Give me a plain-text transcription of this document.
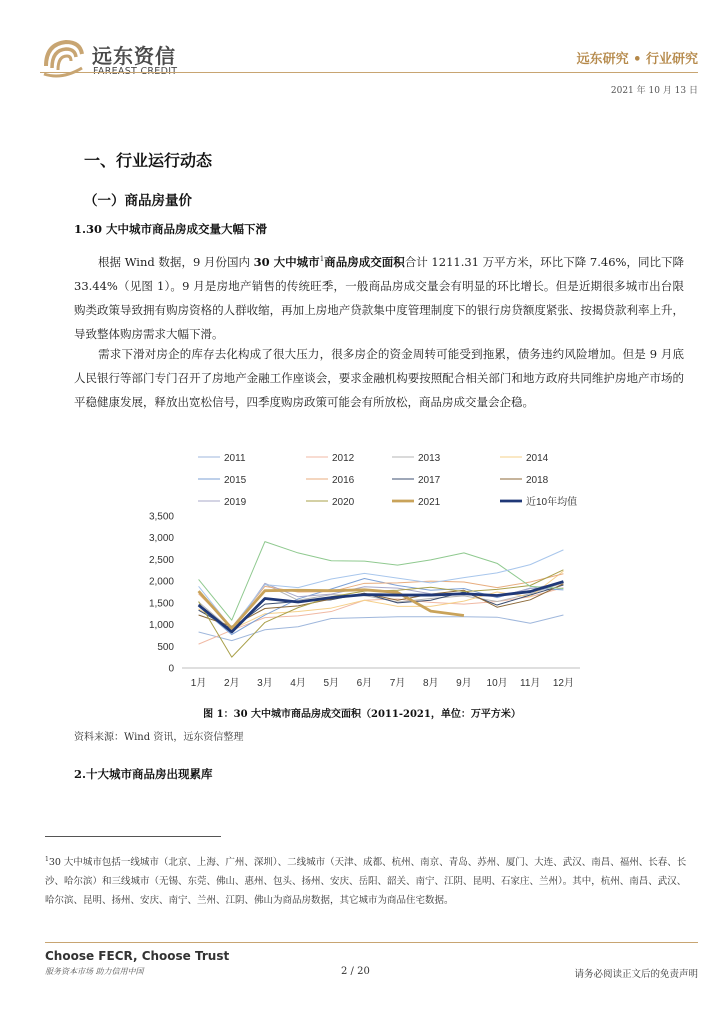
远东资信	远东研究 • 行业研究
2021 年 10 月 13 日
一、行业运行动态
（一）商品房量价
1.30 大中城市商品房成交量大幅下滑
根据 Wind 数据，9 月份国内 30 大中城市$^1$商品房成交面积合计 1211.31 万平方米，环比下降 7.46%，同比下降 33.44%（见图 1）。9 月是房地产销售的传统旺季，一般商品房成交量会有明显的环比增长。但是近期很多城市出台限购类政策导致拥有购房资格的人群收缩，再加上房地产贷款集中度管理制度下的银行房贷额度紧张、按揭贷款利率上升，导致整体购房需求大幅下滑。
需求下滑对房企的库存去化构成了很大压力，很多房企的资金周转可能受到拖累，债务违约风险增加。但是 9 月底人民银行等部门专门召开了房地产金融工作座谈会，要求金融机构要按照配合相关部门和地方政府共同维护房地产市场的平稳健康发展，释放出宽松信号，四季度购房政策可能会有所放松，商品房成交量会企稳。
0
500
1,000
1,500
2,000
2,500
3,000
3,500
1月 2月 3月 4月 5月 6月 7月 8月 9月 10月 11月 12月
2011	2012	2013	2014
2015	2016	2017	2018
2019	2020	2021	近10年均值
图 1：30 大中城市商品房成交面积（2011-2021，单位：万平方米）
资料来源：Wind 资讯，远东资信整理
2.十大城市商品房出现累库
$^1$30 大中城市包括一线城市（北京、上海、广州、深圳）、二线城市（天津、成都、杭州、南京、青岛、苏州、厦门、大连、武汉、南昌、福州、长春、长沙、哈尔滨）和三线城市（无锡、东莞、佛山、惠州、包头、扬州、安庆、岳阳、韶关、南宁、江阴、昆明、石家庄、兰州）。其中，杭州、南昌、武汉、哈尔滨、昆明、扬州、安庆、南宁、兰州、江阴、佛山为商品房数据，其它城市为商品住宅数据。
Choose FECR, Choose Trust
服务资本市场 助力信用中国	2 / 20	请务必阅读正文后的免责声明
